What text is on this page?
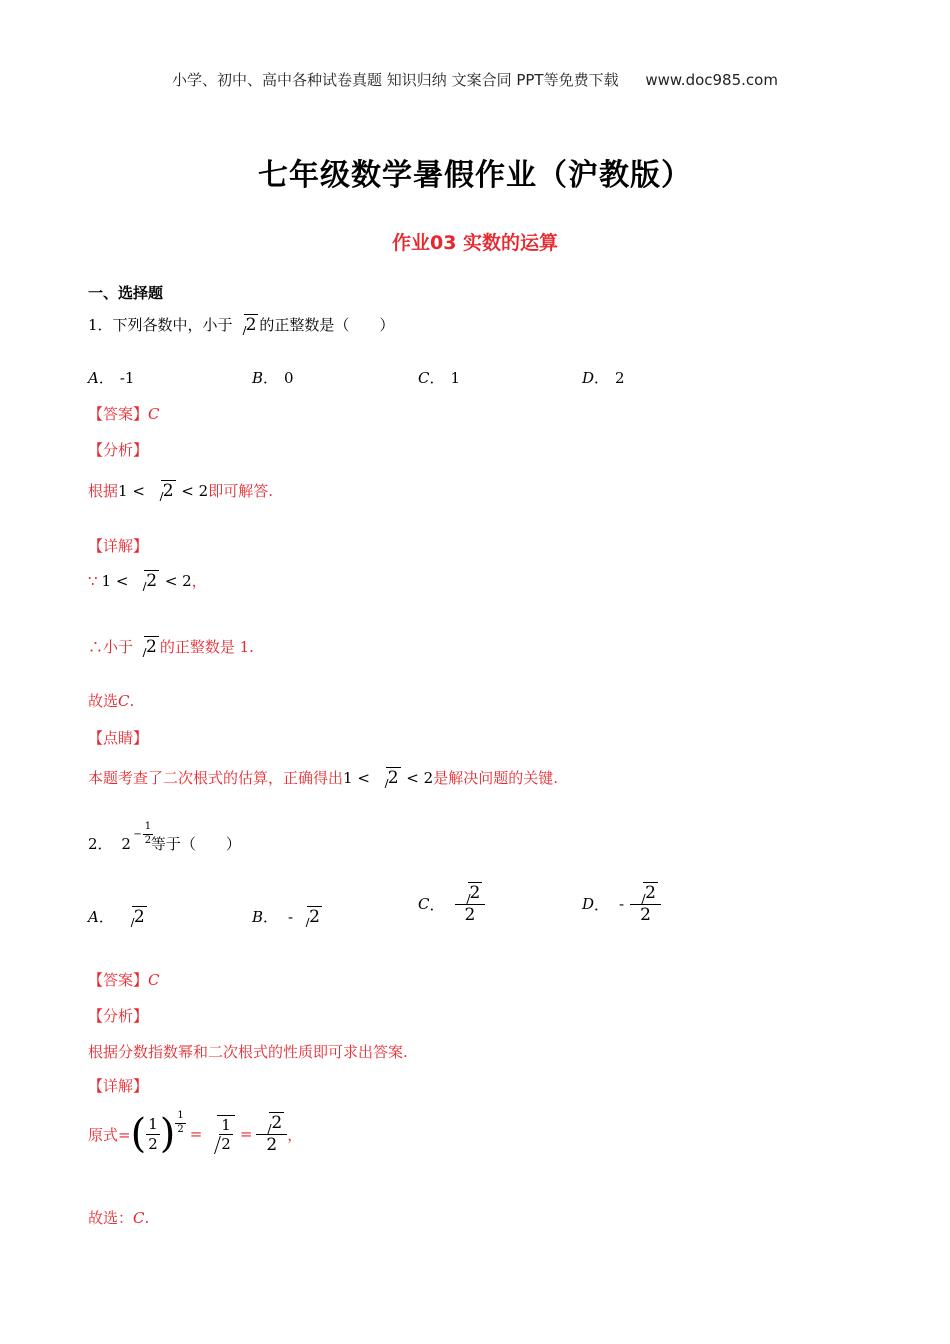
小学、初中、高中各种试卷真题 知识归纳 文案合同 PPT等免费下载 www.doc985.com
七年级数学暑假作业（沪教版）
作业03 实数的运算
一、选择题
1．下列各数中，小于 2 的正整数是（　　）
A． -1	B． 0	C． 1	D． 2
【答案】C
【分析】
根据1 < 2 < 2即可解答.
【详解】
∵ 1 < 2 < 2，
∴小于 2 的正整数是 1.
故选C.
【点睛】
本题考查了二次根式的估算，正确得出1 < 2 < 2是解决问题的关键.
2． 2
− $\frac{1}{2}$
等于（　　）
A． 2	B． - 2
C ． $\frac{2}{2}$	D ． - $\frac{2}{2}$
【答案】C
【分析】
根据分数指数幂和二次根式的性质即可求出答案.
【详解】
原式= ( $\frac{1}{2}$ ) $\frac{1}{2} = \frac{1}{2} = \frac{2}{2}$ ，
故选：C.
